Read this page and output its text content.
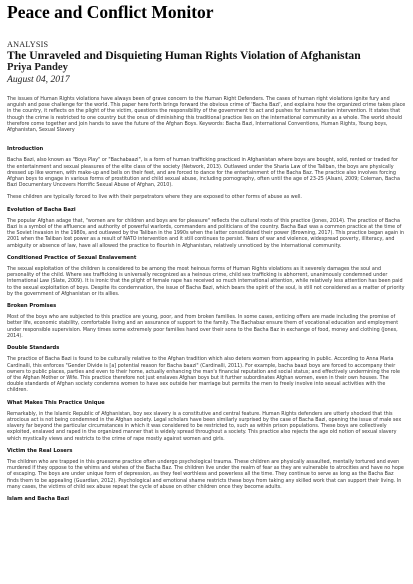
Peace and Conflict Monitor
ANALYSIS
The Unraveled and Disquieting Human Rights Violation of Afghanistan
Priya Pandey
August 04, 2017

The issues of Human Rights violations have always been of grave concern to the Human Right Defenders. The cases of human right violations ignite fury and anguish and pose challenge for the world. This paper here forth brings forward the obvious crime of 'Bacha Bazi', and explains how the organized crime takes place in the country, it reflects on the plight of the victim, questions the responsibility of the government to act and pushes for humanitarian intervention. It states that though the crime is restricted to one country but the onus of diminishing this traditional practice lies on the international community as a whole. The world should therefore come together and join hands to save the future of the Afghan Boys. Keywords: Bacha Bazi, International Conventions, Human Rights, Young boys, Afghanistan, Sexual Slavery

Introduction

Bacha Bazi, also known as "Boys Play" or "Bachabaazi", is a form of human trafficking practiced in Afghanistan where boys are bought, sold, rented or traded for the entertainment and sexual pleasures of the elite class of the society (Network, 2013). Outlawed under the Sharia Law of the Taliban, the boys are physically dressed up like women, with make-up and bells on their feet, and are forced to dance for the entertainment of the Bacha Baz. The practice also involves forcing Afghan boys to engage in various forms of prostitution and child sexual abuse, including pornography, often until the age of 23-25 (Alsani, 2009; Coleman, Bacha Bazi Documentary Uncovers Horrific Sexual Abuse of Afghan, 2010).

These children are typically forced to live with their perpetrators where they are exposed to other forms of abuse as well.

Evolution of Bacha Bazi

The popular Afghan adage that, "women are for children and boys are for pleasure" reflects the cultural roots of this practice (Jones, 2014). The practice of Bacha Bazi is a symbol of the affluence and authority of powerful warlords, commanders and politicians of the country. Bacha Bazi was a common practice at the time of the Soviet Invasion in the 1980s, and outlawed by the Taliban in the 1990s when the latter consolidated their power (Browning, 2017). This practice began again in 2001 when the Taliban lost power as a result of NATO intervention and it still continues to persist. Years of war and violence, widespread poverty, illiteracy, and ambiguity or absence of law, have all allowed the practice to flourish in Afghanistan, relatively unnoticed by the international community.

Conditioned Practice of Sexual Enslavement

The sexual exploitation of the children is considered to be among the most heinous forms of Human Rights violations as it severely damages the soul and personality of the child. Where sex trafficking is universally recognized as a heinous crime, child sex trafficking is abhorrent, unanimously condemned under International Law (Slate, 2009). It is ironic that the plight of female rape has received so much international attention, while relatively less attention has been paid to the sexual exploitation of boys. Despite its condemnation, the issue of Bacha Bazi, which bears the spirit of the soul, is still not considered as a matter of priority by the government of Afghanistan or its allies.

Broken Promises

Most of the boys who are subjected to this practice are young, poor, and from broken families. In some cases, enticing offers are made including the promise of better life, economic stability, comfortable living and an assurance of support to the family. The Bachabaz ensure them of vocational education and employment under responsible supervision. Many times some extremely poor families hand over their sons to the Bacha Baz in exchange of food, money and clothing (Jones, 2014).

Double Standards

The practice of Bacha Bazi is found to be culturally relative to the Afghan tradition which also deters women from appearing in public. According to Anna Maria Cardinalli, this enforces "Gender Divide is [a] potential reason for Bacha baazi" (Cardinalli, 2011). For example, bacha baazi boys are forced to accompany their owners to public places, parties and even to their home, actually enhancing the man's financial reputation and social status; and effectively undermining the role of the Afghan Mother or Wife. This practice therefore not just enslaves Afghan boys but it further subordinates Afghan women, even in their own houses. The double standards of Afghan society condemns women to have sex outside her marriage but permits the men to freely involve into sexual activities with the children.

What Makes This Practice Unique

Remarkably, in the Islamic Republic of Afghanistan, boy sex slavery is a constitutive and central feature. Human Rights defenders are utterly shocked that this atrocious act is not being condemned in the Afghan society. Legal scholars have been similarly surprised by the case of Bacha Bazi, opening the issue of male sex slavery far beyond the particular circumstances in which it was considered to be restricted to, such as within prison populations. These boys are collectively exploited, enslaved and raped in the organized manner that is widely spread throughout a society. This practice also rejects the age old notion of sexual slavery which mystically views and restricts to the crime of rape mostly against women and girls.

Victim the Real Losers

The children who are trapped in this gruesome practice often undergo psychological trauma. These children are physically assaulted, mentally tortured and even murdered if they oppose to the whims and wishes of the Bacha Baz. The children live under the realm of fear as they are vulnerable to atrocities and have no hope of escaping. The boys are under unique form of depression, as they feel worthless and powerless all the time. They continue to serve as long as the Bacha Baz finds them to be appealing (Guardian, 2012). Psychological and emotional shame restricts these boys from taking any skilled work that can support their living. In many cases, the victims of child sex abuse repeat the cycle of abuse on other children once they become adults.

Islam and Bacha Bazi
